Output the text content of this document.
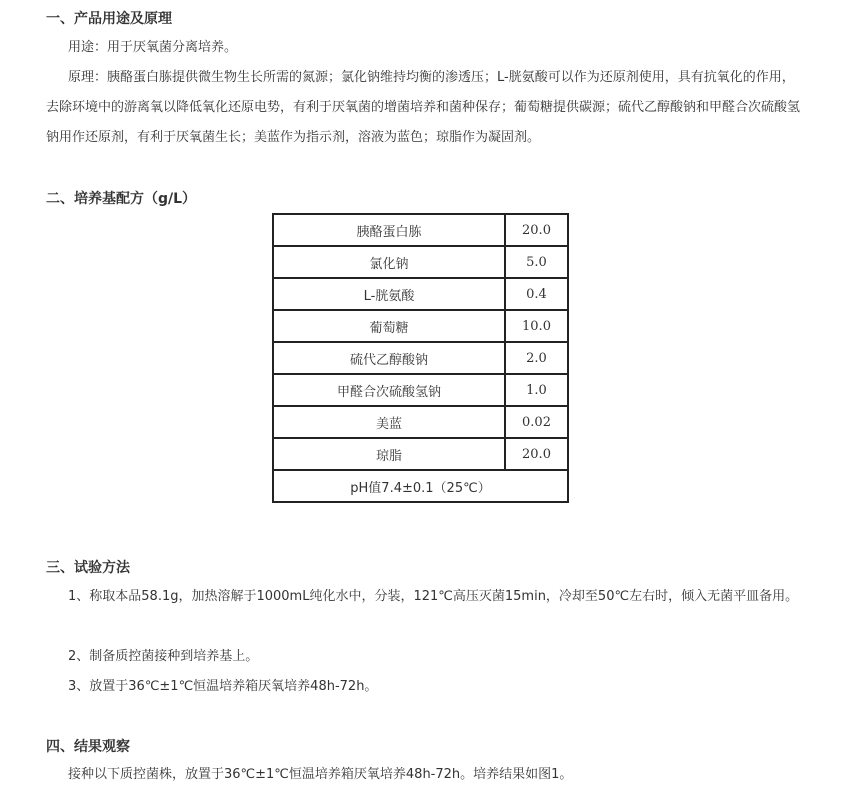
一、产品用途及原理
用途：用于厌氧菌分离培养。
原理：胰酪蛋白胨提供微生物生长所需的氮源；氯化钠维持均衡的渗透压；L-胱氨酸可以作为还原剂使用，具有抗氧化的作用，去除环境中的游离氧以降低氧化还原电势，有利于厌氧菌的增菌培养和菌种保存；葡萄糖提供碳源；硫代乙醇酸钠和甲醛合次硫酸氢钠用作还原剂，有利于厌氧菌生长；美蓝作为指示剂，溶液为蓝色；琼脂作为凝固剂。
二、培养基配方（g/L）
胰酪蛋白胨	20.0
氯化钠	5.0
L-胱氨酸	0.4
葡萄糖	10.0
硫代乙醇酸钠	2.0
甲醛合次硫酸氢钠	1.0
美蓝	0.02
琼脂	20.0
pH值7.4±0.1（25℃）	
三、试验方法
1、称取本品58.1g，加热溶解于1000mL纯化水中，分装，121℃高压灭菌15min，冷却至50℃左右时，倾入无菌平皿备用。
2、制备质控菌接种到培养基上。
3、放置于36℃±1℃恒温培养箱厌氧培养48h-72h。
四、结果观察
接种以下质控菌株，放置于36℃±1℃恒温培养箱厌氧培养48h-72h。培养结果如图1。
